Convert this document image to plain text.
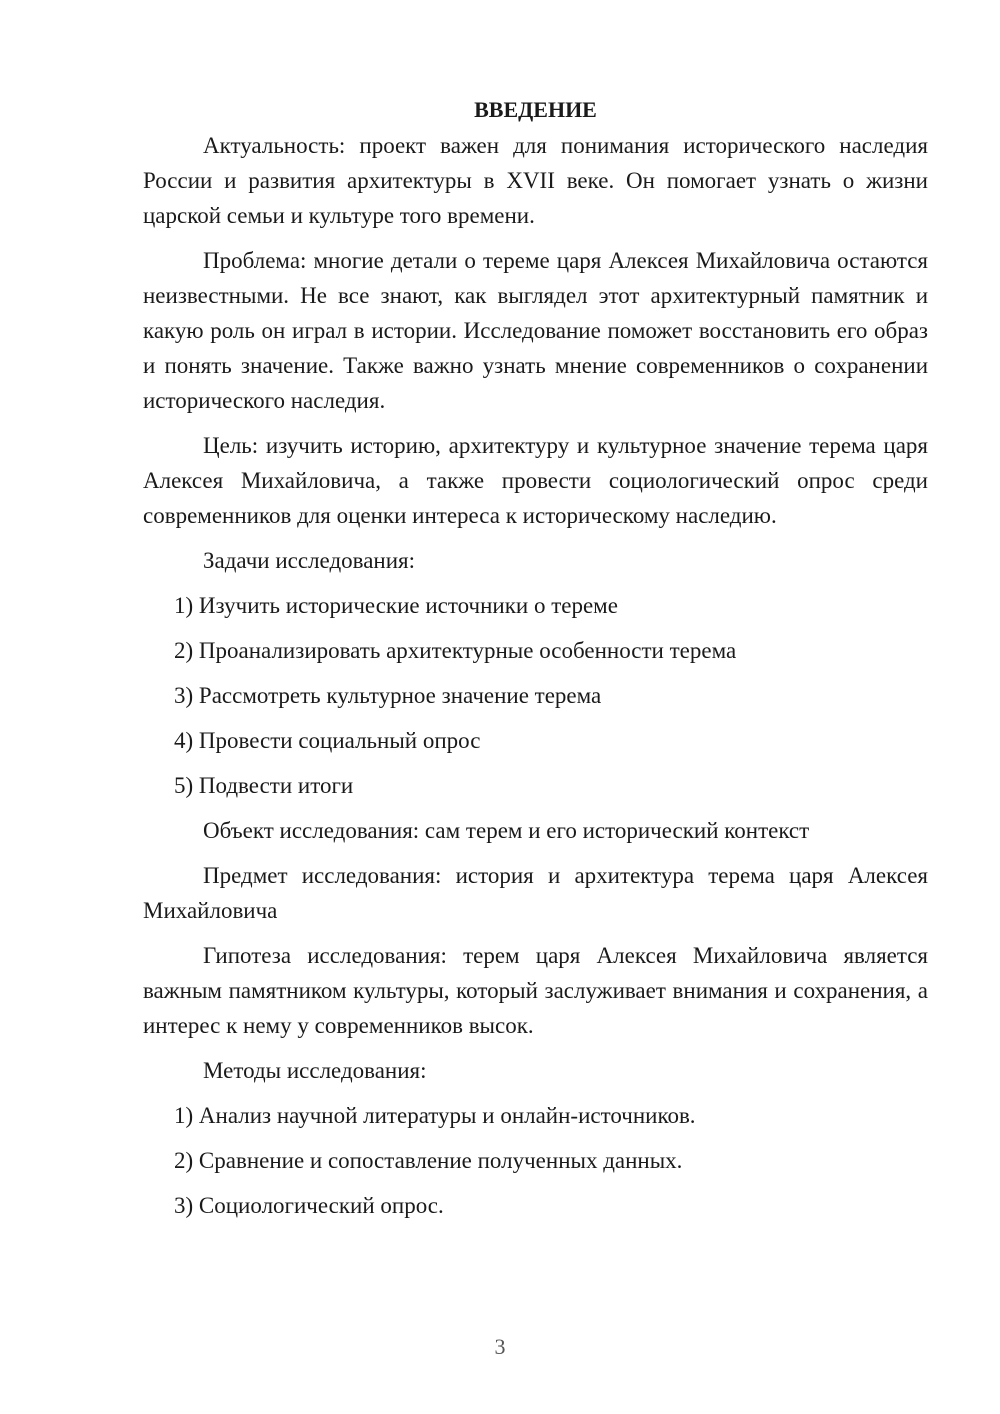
ВВЕДЕНИЕ

Актуальность: проект важен для понимания исторического наследия России и развития архитектуры в XVII веке. Он помогает узнать о жизни царской семьи и культуре того времени.

Проблема: многие детали о тереме царя Алексея Михайловича остаются неизвестными. Не все знают, как выглядел этот архитектурный памятник и какую роль он играл в истории. Исследование поможет восстановить его образ и понять значение. Также важно узнать мнение современников о сохранении исторического наследия.

Цель: изучить историю, архитектуру и культурное значение терема царя Алексея Михайловича, а также провести социологический опрос среди современников для оценки интереса к историческому наследию.

Задачи исследования:

1) Изучить исторические источники о тереме
2) Проанализировать архитектурные особенности терема
3) Рассмотреть культурное значение терема
4) Провести социальный опрос
5) Подвести итоги

Объект исследования: сам терем и его исторический контекст

Предмет исследования: история и архитектура терема царя Алексея Михайловича

Гипотеза исследования: терем царя Алексея Михайловича является важным памятником культуры, который заслуживает внимания и сохранения, а интерес к нему у современников высок.

Методы исследования:

1) Анализ научной литературы и онлайн-источников.
2) Сравнение и сопоставление полученных данных.
3) Социологический опрос.
3
